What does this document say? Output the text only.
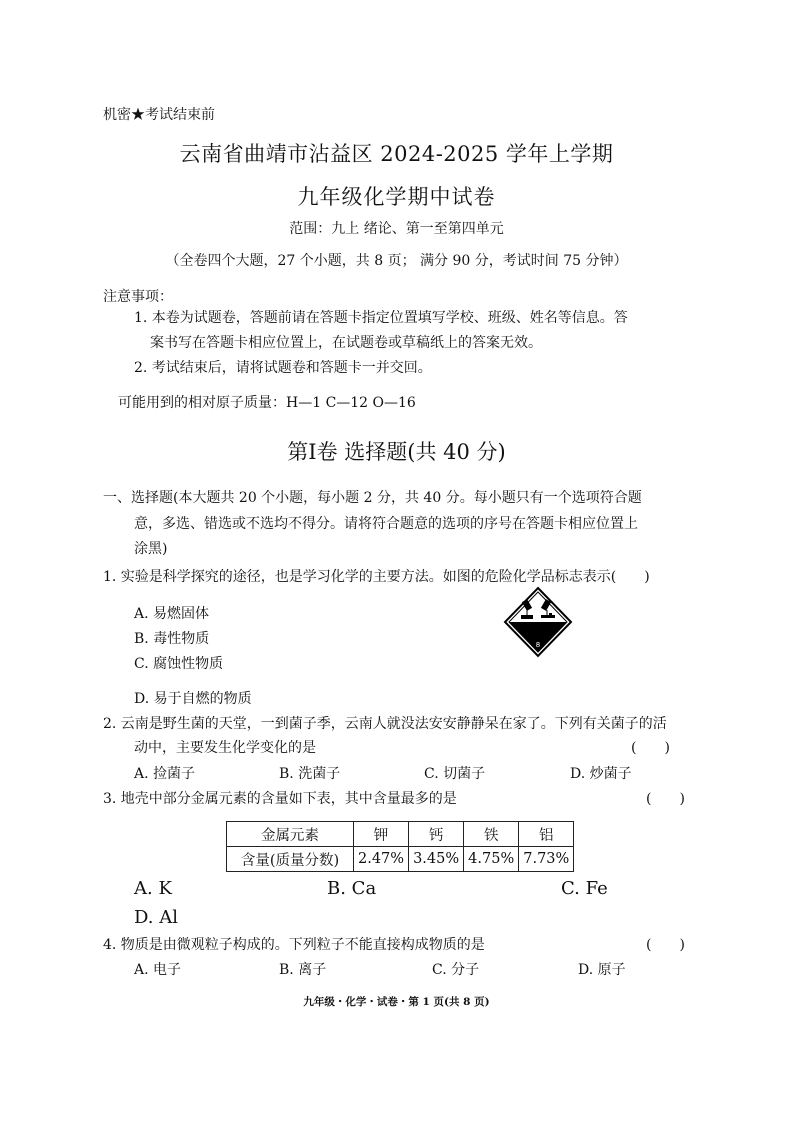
机密★考试结束前
云南省曲靖市沾益区 2024-2025 学年上学期
九年级化学期中试卷
范围：九上 绪论、第一至第四单元
（全卷四个大题，27 个小题，共 8 页； 满分 90 分，考试时间 75 分钟）
注意事项：
1. 本卷为试题卷，答题前请在答题卡指定位置填写学校、班级、姓名等信息。答
案书写在答题卡相应位置上，在试题卷或草稿纸上的答案无效。
2. 考试结束后，请将试题卷和答题卡一并交回。
可能用到的相对原子质量：H—1 C—12 O—16
第Ⅰ卷 选择题(共 40 分)
一、选择题(本大题共 20 个小题，每小题 2 分，共 40 分。每小题只有一个选项符合题
意，多选、错选或不选均不得分。请将符合题意的选项的序号在答题卡相应位置上
涂黑)
1. 实验是科学探究的途径，也是学习化学的主要方法。如图的危险化学品标志表示(　　)
A. 易燃固体
B. 毒性物质
C. 腐蚀性物质
D. 易于自燃的物质
8
2. 云南是野生菌的天堂，一到菌子季，云南人就没法安安静静呆在家了。下列有关菌子的活
动中，主要发生化学变化的是	(　　)
A. 捡菌子	B. 洗菌子	C. 切菌子	D. 炒菌子
3. 地壳中部分金属元素的含量如下表，其中含量最多的是	(　　)
金属元素	钾	钙	铁	铝
含量(质量分数)	2.47%	3.45%	4.75%	7.73%
A. K	B. Ca	C. Fe
D. Al
4. 物质是由微观粒子构成的。下列粒子不能直接构成物质的是	(　　)
A. 电子	B. 离子	C. 分子	D. 原子
九年级・化学・试卷・第 1 页(共 8 页)
